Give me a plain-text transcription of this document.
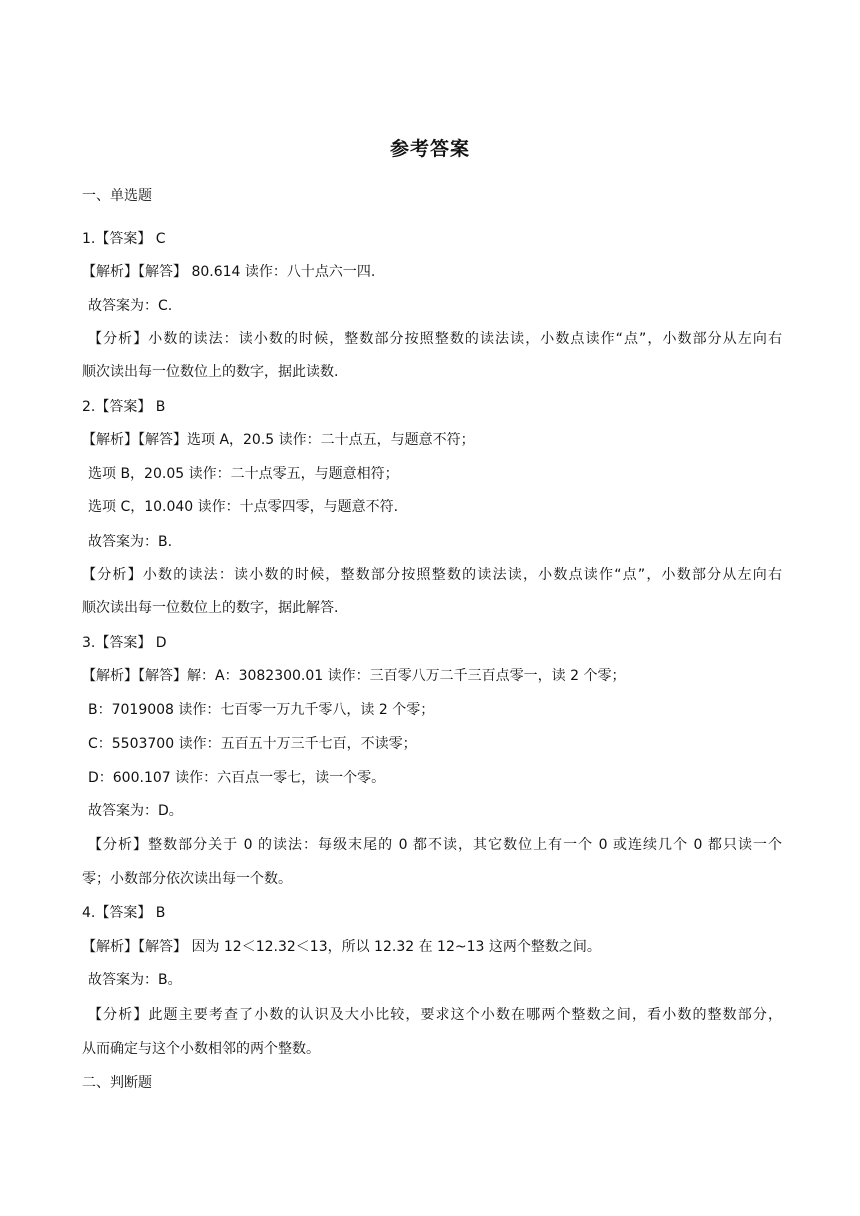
参考答案
一、单选题
1.【答案】 C
【解析】【解答】 80.614 读作：八十点六一四.
故答案为：C.
【分析】小数的读法：读小数的时候，整数部分按照整数的读法读，小数点读作“点”，小数部分从左向右
顺次读出每一位数位上的数字，据此读数.
2.【答案】 B
【解析】【解答】选项 A，20.5 读作：二十点五，与题意不符；
选项 B，20.05 读作：二十点零五，与题意相符；
选项 C，10.040 读作：十点零四零，与题意不符.
故答案为：B.
【分析】小数的读法：读小数的时候，整数部分按照整数的读法读，小数点读作“点”，小数部分从左向右
顺次读出每一位数位上的数字，据此解答.
3.【答案】 D
【解析】【解答】解：A：3082300.01 读作：三百零八万二千三百点零一，读 2 个零；
B：7019008 读作：七百零一万九千零八，读 2 个零；
C：5503700 读作：五百五十万三千七百，不读零；
D：600.107 读作：六百点一零七，读一个零。
故答案为：D。
【分析】整数部分关于 0 的读法：每级末尾的 0 都不读，其它数位上有一个 0 或连续几个 0 都只读一个
零；小数部分依次读出每一个数。
4.【答案】 B
【解析】【解答】 因为 12＜12.32＜13，所以 12.32 在 12~13 这两个整数之间。
故答案为：B。
【分析】此题主要考查了小数的认识及大小比较，要求这个小数在哪两个整数之间，看小数的整数部分，
从而确定与这个小数相邻的两个整数。
二、判断题
